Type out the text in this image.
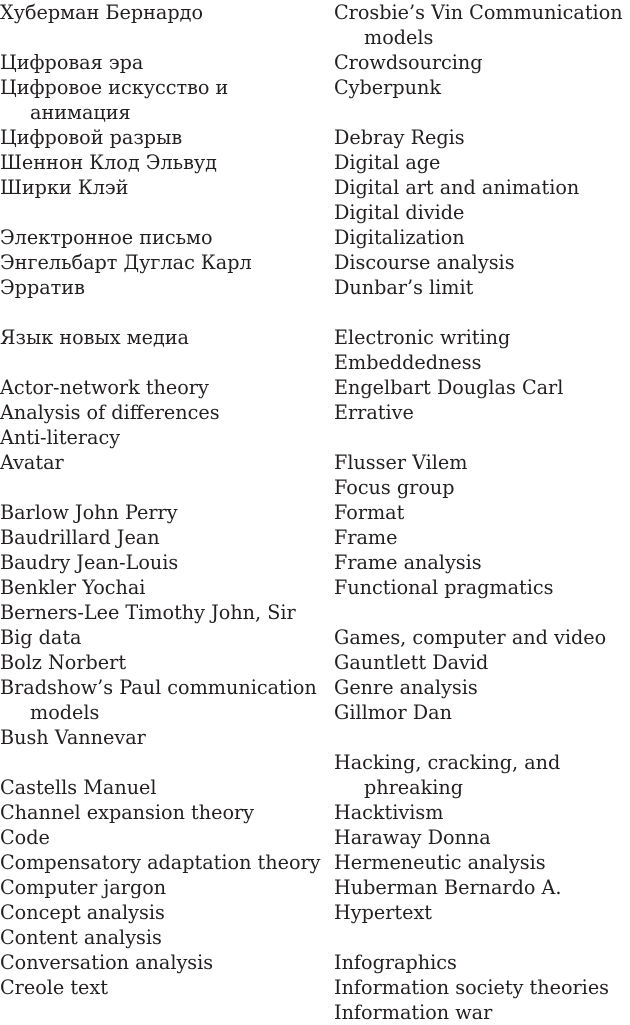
Хуберман Бернардо
Цифровая эра
Цифровое искусство и анимация
Цифровой разрыв
Шеннон Клод Эльвуд
Ширки Клэй
Электронное письмо
Энгельбарт Дуглас Карл
Эрратив
Язык новых медиа
Actor-network theory
Analysis of differences
Anti-literacy
Avatar
Barlow John Perry
Baudrillard Jean
Baudry Jean-Louis
Benkler Yochai
Berners-Lee Timothy John, Sir
Big data
Bolz Norbert
Bradshow’s Paul communication models
Bush Vannevar
Castells Manuel
Channel expansion theory
Code
Compensatory adaptation theory
Computer jargon
Concept analysis
Content analysis
Conversation analysis
Creole text
Crosbie’s Vin Communication models
Crowdsourcing
Cyberpunk
Debray Regis
Digital age
Digital art and animation
Digital divide
Digitalization
Discourse analysis
Dunbar’s limit
Electronic writing
Embeddedness
Engelbart Douglas Carl
Errative
Flusser Vilem
Focus group
Format
Frame
Frame analysis
Functional pragmatics
Games, computer and video
Gauntlett David
Genre analysis
Gillmor Dan
Hacking, cracking, and phreaking
Hacktivism
Haraway Donna
Hermeneutic analysis
Huberman Bernardo A.
Hypertext
Infographics
Information society theories
Information war
